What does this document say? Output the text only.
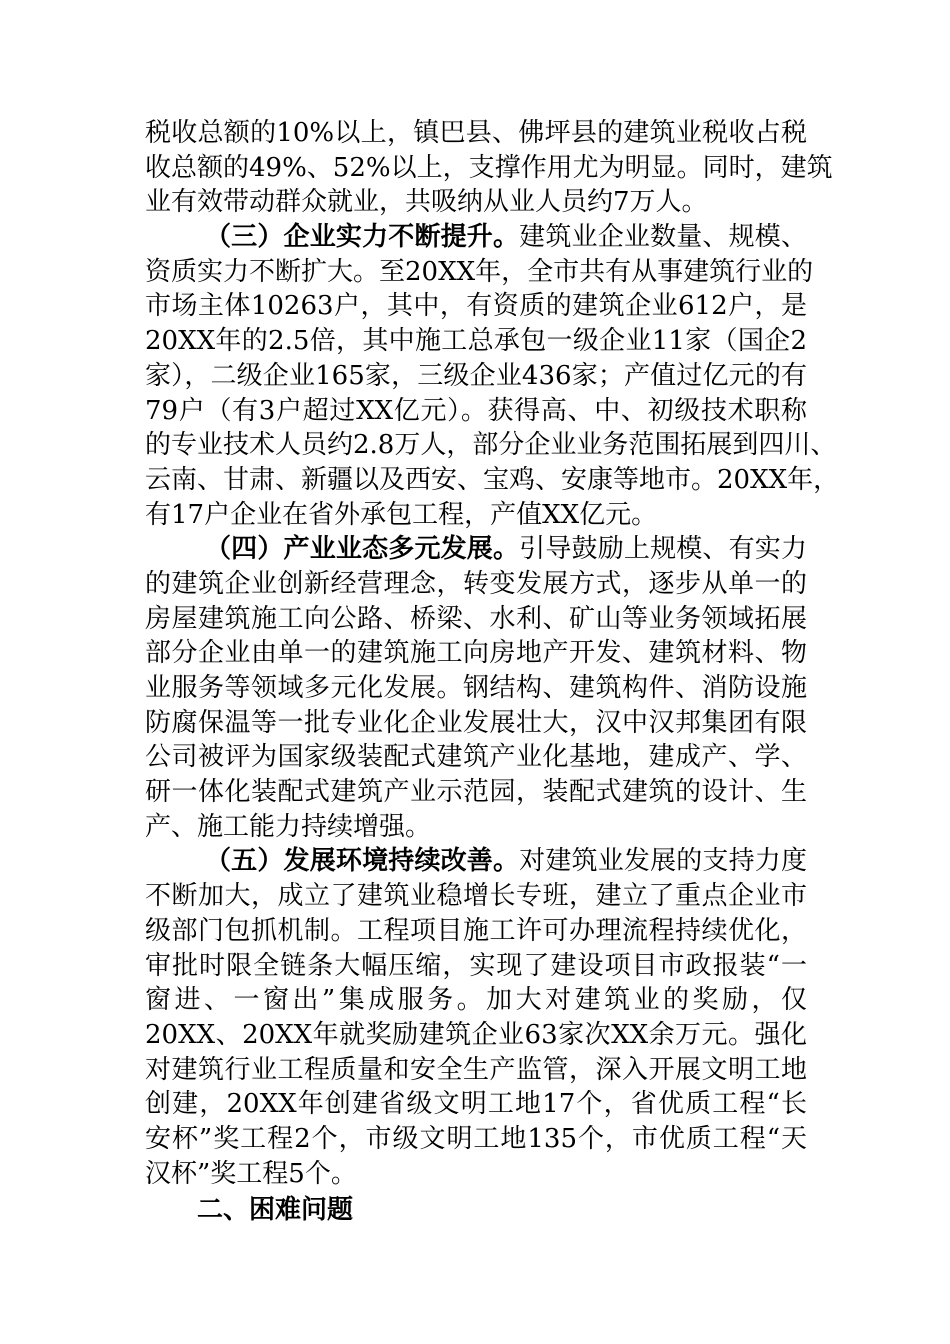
税收总额的10%以上，镇巴县、佛坪县的建筑业税收占税
收总额的49%、52%以上，支撑作用尤为明显。同时，建筑
业有效带动群众就业，共吸纳从业人员约7万人。
（三）企业实力不断提升。建筑业企业数量、规模、
资质实力不断扩大。至20XX年，全市共有从事建筑行业的
市场主体10263户，其中，有资质的建筑企业612户，是
20XX年的2.5倍，其中施工总承包一级企业11家（国企2
家），二级企业165家，三级企业436家；产值过亿元的有
79户（有3户超过XX亿元）。获得高、中、初级技术职称
的专业技术人员约2.8万人，部分企业业务范围拓展到四川、
云南、甘肃、新疆以及西安、宝鸡、安康等地市。20XX年，
有17户企业在省外承包工程，产值XX亿元。
（四）产业业态多元发展。引导鼓励上规模、有实力
的建筑企业创新经营理念，转变发展方式，逐步从单一的
房屋建筑施工向公路、桥梁、水利、矿山等业务领域拓展
部分企业由单一的建筑施工向房地产开发、建筑材料、物
业服务等领域多元化发展。钢结构、建筑构件、消防设施
防腐保温等一批专业化企业发展壮大，汉中汉邦集团有限
公司被评为国家级装配式建筑产业化基地，建成产、学、
研一体化装配式建筑产业示范园，装配式建筑的设计、生
产、施工能力持续增强。
（五）发展环境持续改善。对建筑业发展的支持力度
不断加大，成立了建筑业稳增长专班，建立了重点企业市
级部门包抓机制。工程项目施工许可办理流程持续优化，
审批时限全链条大幅压缩，实现了建设项目市政报装“一
窗进、一窗出”集成服务。加大对建筑业的奖励，仅
20XX、20XX年就奖励建筑企业63家次XX余万元。强化
对建筑行业工程质量和安全生产监管，深入开展文明工地
创建，20XX年创建省级文明工地17个，省优质工程“长
安杯”奖工程2个，市级文明工地135个，市优质工程“天
汉杯”奖工程5个。
二、困难问题
